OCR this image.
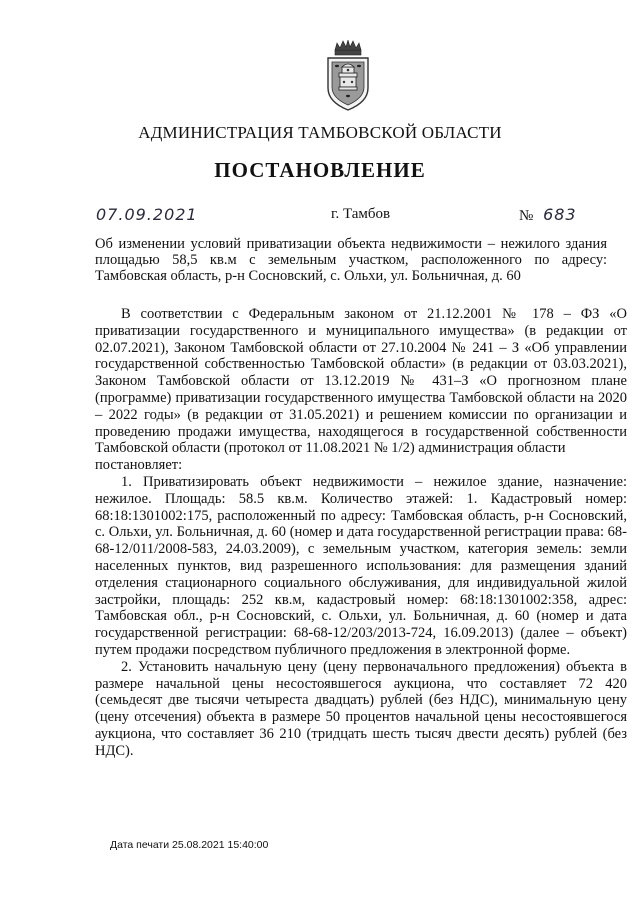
АДМИНИСТРАЦИЯ ТАМБОВСКОЙ ОБЛАСТИ
ПОСТАНОВЛЕНИЕ
07.09.2021	г. Тамбов	№ 683
Об изменении условий приватизации объекта недвижимости – нежилого здания площадью 58,5 кв.м с земельным участком, расположенного по адресу: Тамбовская область, р-н Сосновский, с. Ольхи, ул. Больничная, д. 60

В соответствии с Федеральным законом от 21.12.2001 № 178 – ФЗ «О приватизации государственного и муниципального имущества» (в редакции от 02.07.2021), Законом Тамбовской области от 27.10.2004 № 241 – З «Об управлении государственной собственностью Тамбовской области» (в редакции от 03.03.2021), Законом Тамбовской области от 13.12.2019 № 431–З «О прогнозном плане (программе) приватизации государственного имущества Тамбовской области на 2020 – 2022 годы» (в редакции от 31.05.2021) и решением комиссии по организации и проведению продажи имущества, находящегося в государственной собственности Тамбовской области (протокол от 11.08.2021 № 1/2) администрация области

постановляет:

1. Приватизировать объект недвижимости – нежилое здание, назначение: нежилое. Площадь: 58.5 кв.м. Количество этажей: 1. Кадастровый номер: 68:18:1301002:175, расположенный по адресу: Тамбовская область, р-н Сосновский, с. Ольхи, ул. Больничная, д. 60 (номер и дата государственной регистрации права: 68-68-12/011/2008-583, 24.03.2009), с земельным участком, категория земель: земли населенных пунктов, вид разрешенного использования: для размещения зданий отделения стационарного социального обслуживания, для индивидуальной жилой застройки, площадь: 252 кв.м, кадастровый номер: 68:18:1301002:358, адрес: Тамбовская обл., р-н Сосновский, с. Ольхи, ул. Больничная, д. 60 (номер и дата государственной регистрации: 68-68-12/203/2013-724, 16.09.2013) (далее – объект) путем продажи посредством публичного предложения в электронной форме.

2. Установить начальную цену (цену первоначального предложения) объекта в размере начальной цены несостоявшегося аукциона, что составляет 72 420 (семьдесят две тысячи четыреста двадцать) рублей (без НДС), минимальную цену (цену отсечения) объекта в размере 50 процентов начальной цены несостоявшегося аукциона, что составляет 36 210 (тридцать шесть тысяч двести десять) рублей (без НДС).

Дата печати 25.08.2021 15:40:00
